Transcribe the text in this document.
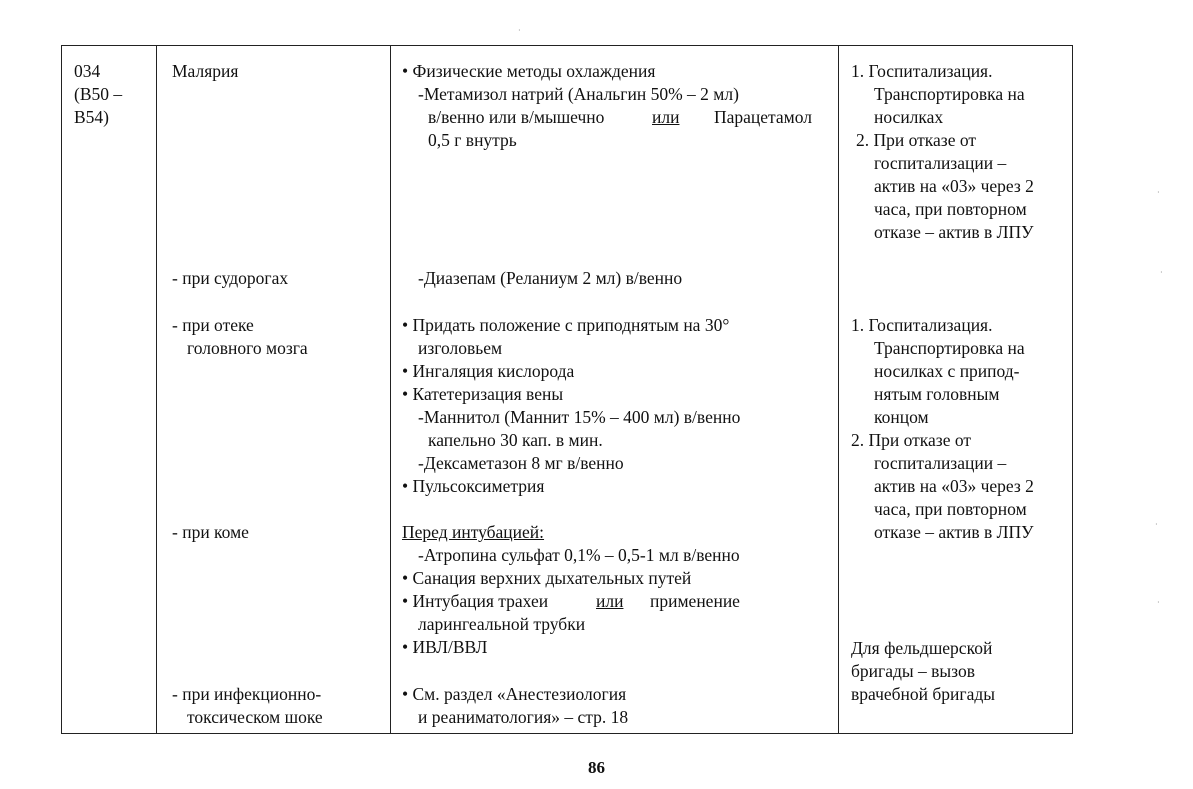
034
(B50 –
B54)
Малярия
- при судорогах
- при отеке
головного мозга
- при коме
- при инфекционно-
токсическом шоке
• Физические методы охлаждения
-Метамизол натрий (Анальгин 50% – 2 мл)
в/венно или в/мышечно	или Парацетамол
0,5 г внутрь
-Диазепам (Реланиум 2 мл) в/венно
• Придать положение с приподнятым на 30°
изголовьем
• Ингаляция кислорода
• Катетеризация вены
-Маннитол (Маннит 15% – 400 мл) в/венно
капельно 30 кап. в мин.
-Дексаметазон 8 мг в/венно
• Пульсоксиметрия
Перед интубацией:
-Атропина сульфат 0,1% – 0,5-1 мл в/венно
• Санация верхних дыхательных путей
• Интубация трахеи	или применение
ларингеальной трубки
• ИВЛ/ВВЛ
• См. раздел «Анестезиология
и реаниматология» – стр. 18
1. Госпитализация.
Транспортировка на
носилках
2. При отказе от
госпитализации –
актив на «03» через 2
часа, при повторном
отказе – актив в ЛПУ
1. Госпитализация.
Транспортировка на
носилках с припод-
нятым головным
концом
2. При отказе от
госпитализации –
актив на «03» через 2
часа, при повторном
отказе – актив в ЛПУ
Для фельдшерской
бригады – вызов
врачебной бригады
86
·
·
·
·
·
